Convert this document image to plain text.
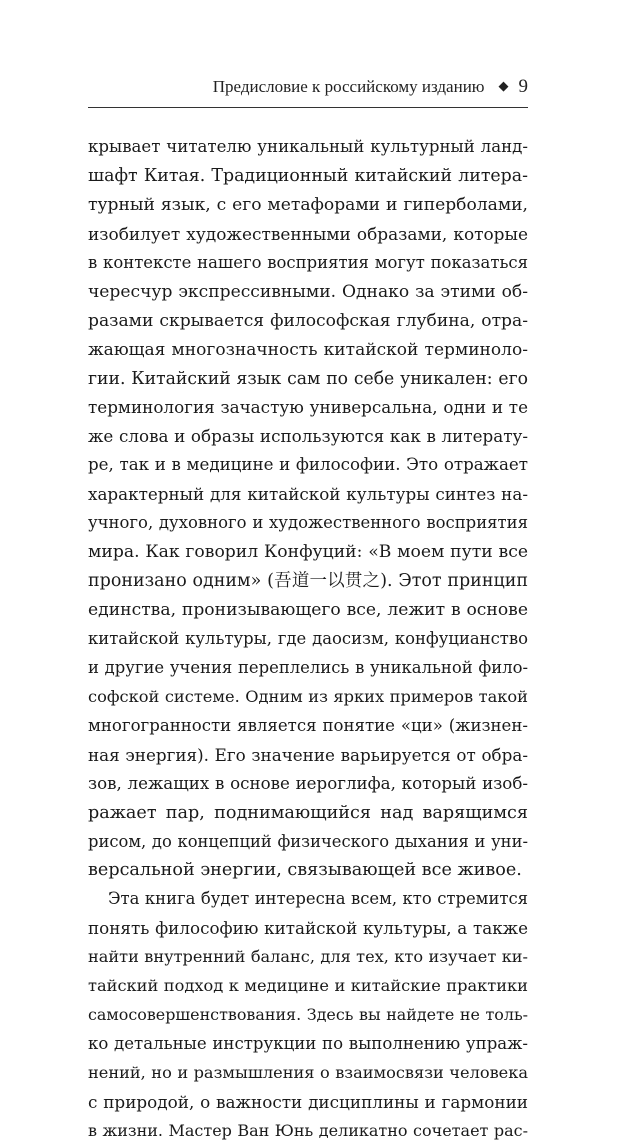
Предисловие к российскому изданию ◆ 9
крывает читателю уникальный культурный ланд-
шафт Китая. Традиционный китайский литера-
турный язык, с его метафорами и гиперболами,
изобилует художественными образами, которые
в контексте нашего восприятия могут показаться
чересчур экспрессивными. Однако за этими об-
разами скрывается философская глубина, отра-
жающая многозначность китайской терминоло-
гии. Китайский язык сам по себе уникален: его
терминология зачастую универсальна, одни и те
же слова и образы используются как в литерату-
ре, так и в медицине и философии. Это отражает
характерный для китайской культуры синтез на-
учного, духовного и художественного восприятия
мира. Как говорил Конфуций: «В моем пути все
пронизано одним» (吾道一以贯之). Этот принцип
единства, пронизывающего все, лежит в основе
китайской культуры, где даосизм, конфуцианство
и другие учения переплелись в уникальной фило-
софской системе. Одним из ярких примеров такой
многогранности является понятие «ци» (жизнен-
ная энергия). Его значение варьируется от обра-
зов, лежащих в основе иероглифа, который изоб-
ражает пар, поднимающийся над варящимся
рисом, до концепций физического дыхания и уни-
версальной энергии, связывающей все живое.
Эта книга будет интересна всем, кто стремится
понять философию китайской культуры, а также
найти внутренний баланс, для тех, кто изучает ки-
тайский подход к медицине и китайские практики
самосовершенствования. Здесь вы найдете не толь-
ко детальные инструкции по выполнению упраж-
нений, но и размышления о взаимосвязи человека
с природой, о важности дисциплины и гармонии
в жизни. Мастер Ван Юнь деликатно сочетает рас-
